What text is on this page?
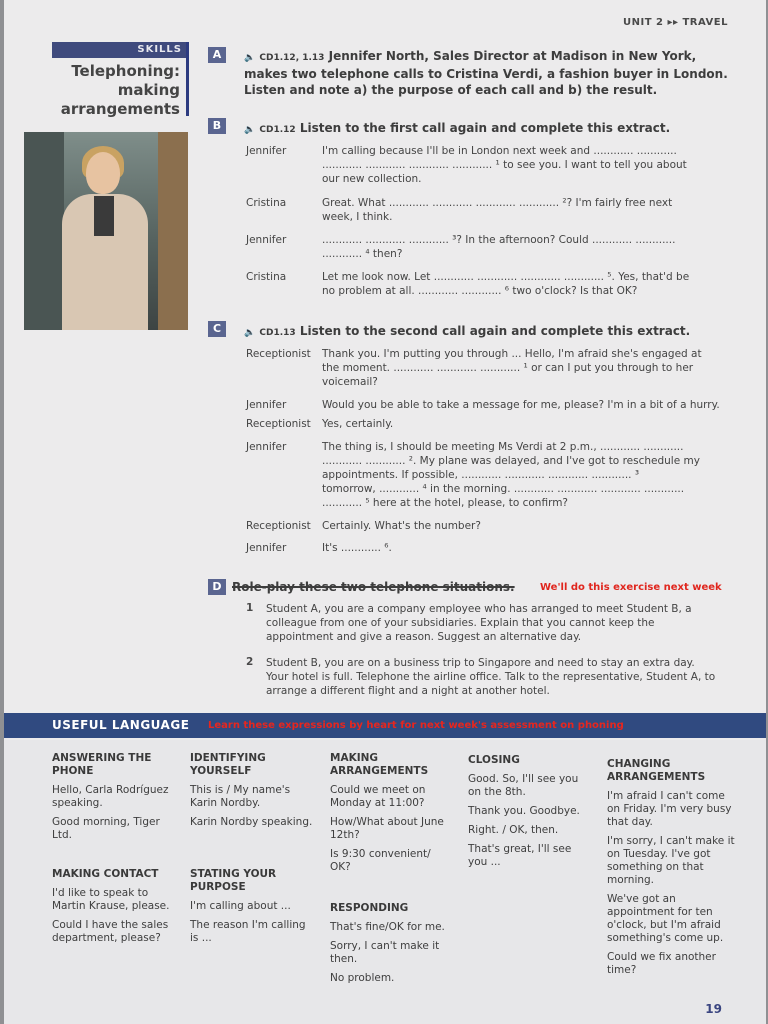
UNIT 2 ▸▸ TRAVEL
SKILLS
Telephoning:
making
arrangements
A	🔈 CD1.12, 1.13 Jennifer North, Sales Director at Madison in New York, makes two telephone calls to Cristina Verdi, a fashion buyer in London. Listen and note a) the purpose of each call and b) the result.
B	🔈 CD1.12 Listen to the first call again and complete this extract.
Jennifer	I'm calling because I'll be in London next week and ............ ............
............ ............ ............ ............ ¹ to see you. I want to tell you about
our new collection.
Cristina	Great. What ............ ............ ............ ............ ²? I'm fairly free next
week, I think.
Jennifer	............ ............ ............ ³? In the afternoon? Could ............ ............
............ ⁴ then?
Cristina	Let me look now. Let ............ ............ ............ ............ ⁵. Yes, that'd be
no problem at all. ............ ............ ⁶ two o'clock? Is that OK?
C	🔈 CD1.13 Listen to the second call again and complete this extract.
Receptionist	Thank you. I'm putting you through ... Hello, I'm afraid she's engaged at
the moment. ............ ............ ............ ¹ or can I put you through to her
voicemail?
Jennifer	Would you be able to take a message for me, please? I'm in a bit of a hurry.
Receptionist	Yes, certainly.
Jennifer	The thing is, I should be meeting Ms Verdi at 2 p.m., ............ ............
............ ............ ². My plane was delayed, and I've got to reschedule my
appointments. If possible, ............ ............ ............ ............ ³
tomorrow, ............ ⁴ in the morning. ............ ............ ............ ............
............ ⁵ here at the hotel, please, to confirm?
Receptionist	Certainly. What's the number?
Jennifer	It's ............ ⁶.
D Role-play these two telephone situations.	We'll do this exercise next week
1 Student A, you are a company employee who has arranged to meet Student B, a colleague from one of your subsidiaries. Explain that you cannot keep the appointment and give a reason. Suggest an alternative day.
2 Student B, you are on a business trip to Singapore and need to stay an extra day. Your hotel is full. Telephone the airline office. Talk to the representative, Student A, to arrange a different flight and a night at another hotel.
USEFUL LANGUAGE Learn these expressions by heart for next week's assessment on phoning
ANSWERING THE PHONE
Hello, Carla Rodríguez speaking.
Good morning, Tiger Ltd.
MAKING CONTACT
I'd like to speak to Martin Krause, please.
Could I have the sales department, please?
IDENTIFYING YOURSELF
This is / My name's Karin Nordby.
Karin Nordby speaking.
STATING YOUR PURPOSE
I'm calling about ...
The reason I'm calling is ...
MAKING ARRANGEMENTS
Could we meet on Monday at 11:00?
How/What about June 12th?
Is 9:30 convenient/ OK?
RESPONDING
That's fine/OK for me.
Sorry, I can't make it then.
No problem.
CLOSING
Good. So, I'll see you on the 8th.
Thank you. Goodbye.
Right. / OK, then.
That's great, I'll see you ...
CHANGING ARRANGEMENTS
I'm afraid I can't come on Friday. I'm very busy that day.
I'm sorry, I can't make it on Tuesday. I've got something on that morning.
We've got an appointment for ten o'clock, but I'm afraid something's come up.
Could we fix another time?
19
